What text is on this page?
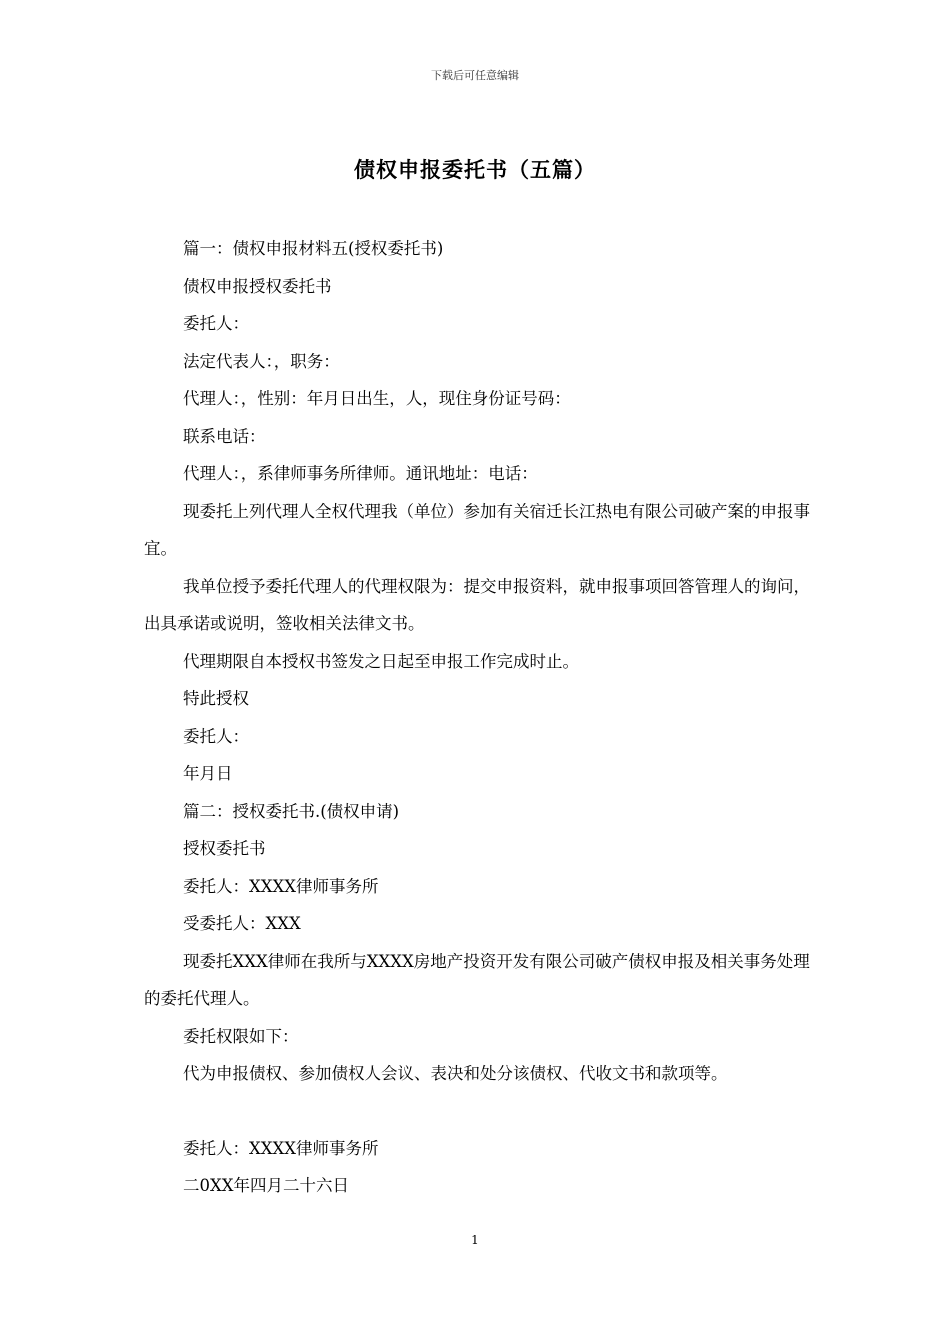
下载后可任意编辑
债权申报委托书（五篇）

篇一：债权申报材料五(授权委托书)

债权申报授权委托书

委托人：

法定代表人：，职务：

代理人：，性别：年月日出生，人，现住身份证号码：

联系电话：

代理人：，系律师事务所律师。通讯地址：电话：

现委托上列代理人全权代理我（单位）参加有关宿迁长江热电有限公司破产案的申报事宜。

我单位授予委托代理人的代理权限为：提交申报资料，就申报事项回答管理人的询问，出具承诺或说明，签收相关法律文书。

代理期限自本授权书签发之日起至申报工作完成时止。

特此授权

委托人：

年月日

篇二：授权委托书.(债权申请)

授权委托书

委托人：XXXX律师事务所

受委托人：XXX

现委托XXX律师在我所与XXXX房地产投资开发有限公司破产债权申报及相关事务处理的委托代理人。

委托权限如下：

代为申报债权、参加债权人会议、表决和处分该债权、代收文书和款项等。

委托人：XXXX律师事务所

二0XX年四月二十六日

1
